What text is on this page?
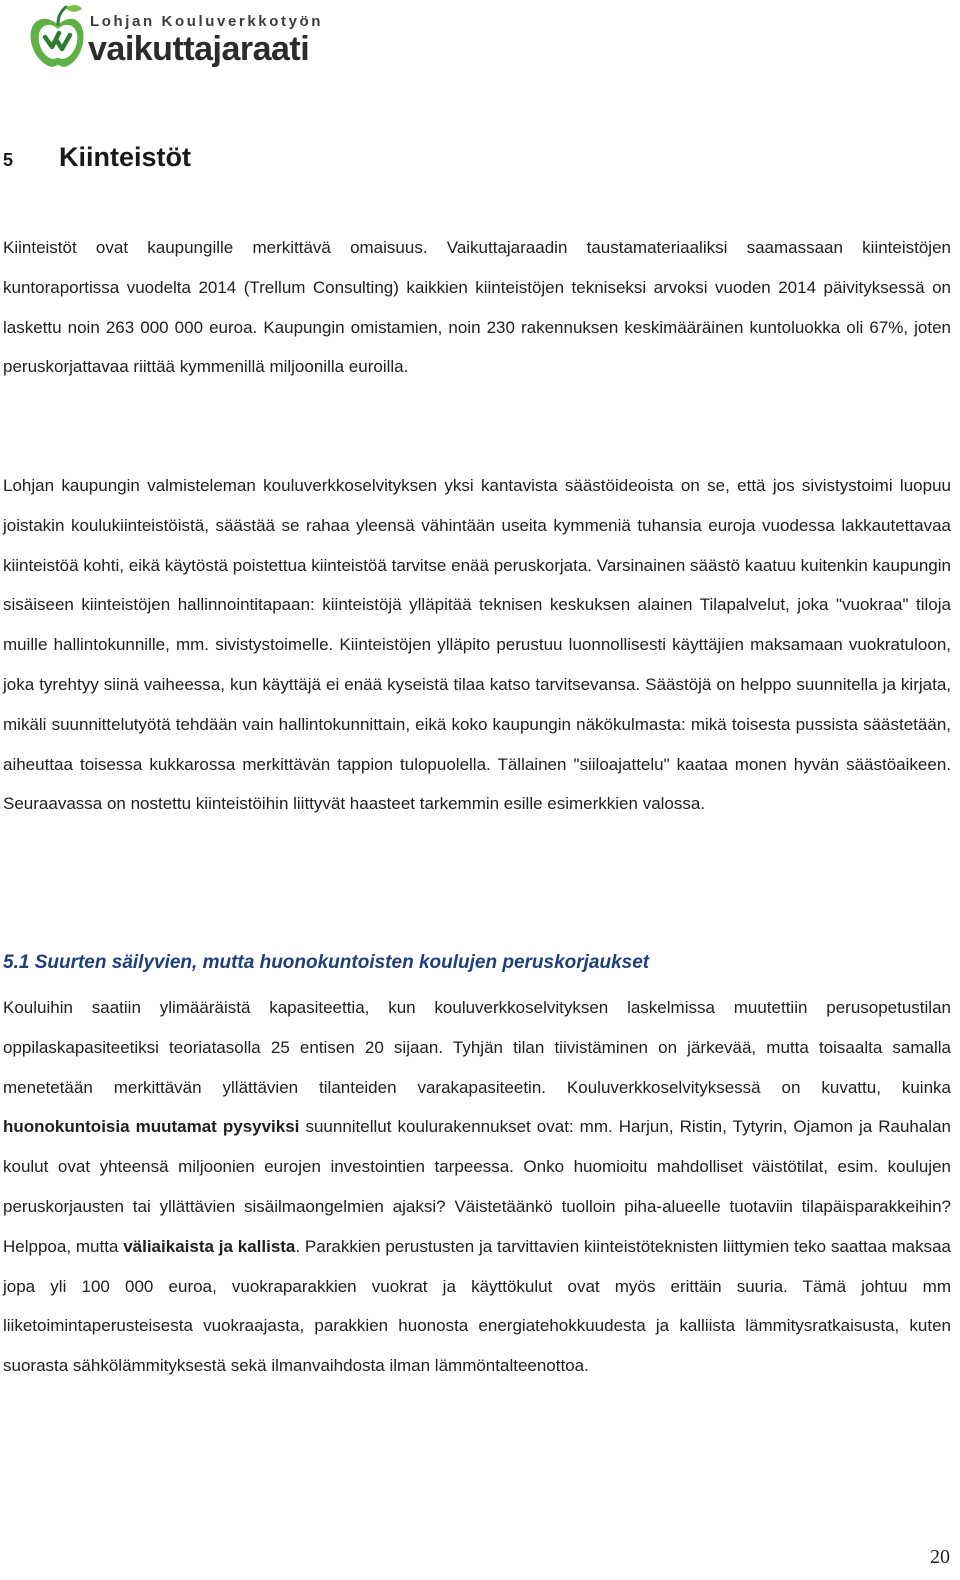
Lohjan Kouluverkkotyön
vaikuttajaraati
5 Kiinteistöt

Kiinteistöt ovat kaupungille merkittävä omaisuus. Vaikuttajaraadin taustamateriaaliksi saamassaan kiinteistöjen kuntoraportissa vuodelta 2014 (Trellum Consulting) kaikkien kiinteistöjen tekniseksi arvoksi vuoden 2014 päivityksessä on laskettu noin 263 000 000 euroa. Kaupungin omistamien, noin 230 rakennuksen keskimääräinen kuntoluokka oli 67%, joten peruskorjattavaa riittää kymmenillä miljoonilla euroilla.

Lohjan kaupungin valmisteleman kouluverkkoselvityksen yksi kantavista säästöideoista on se, että jos sivistystoimi luopuu joistakin koulukiinteistöistä, säästää se rahaa yleensä vähintään useita kymmeniä tuhansia euroja vuodessa lakkautettavaa kiinteistöä kohti, eikä käytöstä poistettua kiinteistöä tarvitse enää peruskorjata. Varsinainen säästö kaatuu kuitenkin kaupungin sisäiseen kiinteistöjen hallinnointitapaan: kiinteistöjä ylläpitää teknisen keskuksen alainen Tilapalvelut, joka "vuokraa" tiloja muille hallintokunnille, mm. sivistystoimelle. Kiinteistöjen ylläpito perustuu luonnollisesti käyttäjien maksamaan vuokratuloon, joka tyrehtyy siinä vaiheessa, kun käyttäjä ei enää kyseistä tilaa katso tarvitsevansa. Säästöjä on helppo suunnitella ja kirjata, mikäli suunnittelutyötä tehdään vain hallintokunnittain, eikä koko kaupungin näkökulmasta: mikä toisesta pussista säästetään, aiheuttaa toisessa kukkarossa merkittävän tappion tulopuolella. Tällainen "siiloajattelu" kaataa monen hyvän säästöaikeen. Seuraavassa on nostettu kiinteistöihin liittyvät haasteet tarkemmin esille esimerkkien valossa.

5.1 Suurten säilyvien, mutta huonokuntoisten koulujen peruskorjaukset

Kouluihin saatiin ylimääräistä kapasiteettia, kun kouluverkkoselvityksen laskelmissa muutettiin perusopetustilan oppilaskapasiteetiksi teoriatasolla 25 entisen 20 sijaan. Tyhjän tilan tiivistäminen on järkevää, mutta toisaalta samalla menetetään merkittävän yllättävien tilanteiden varakapasiteetin. Kouluverkkoselvityksessä on kuvattu, kuinka huonokuntoisia muutamat pysyviksi suunnitellut koulurakennukset ovat: mm. Harjun, Ristin, Tytyrin, Ojamon ja Rauhalan koulut ovat yhteensä miljoonien eurojen investointien tarpeessa. Onko huomioitu mahdolliset väistötilat, esim. koulujen peruskorjausten tai yllättävien sisäilmaongelmien ajaksi? Väistetäänkö tuolloin piha-alueelle tuotaviin tilapäisparakkeihin? Helppoa, mutta väliaikaista ja kallista. Parakkien perustusten ja tarvittavien kiinteistöteknisten liittymien teko saattaa maksaa jopa yli 100 000 euroa, vuokraparakkien vuokrat ja käyttökulut ovat myös erittäin suuria. Tämä johtuu mm liiketoimintaperusteisesta vuokraajasta, parakkien huonosta energiatehokkuudesta ja kalliista lämmitysratkaisusta, kuten suorasta sähkölämmityksestä sekä ilmanvaihdosta ilman lämmöntalteenottoa.

20
